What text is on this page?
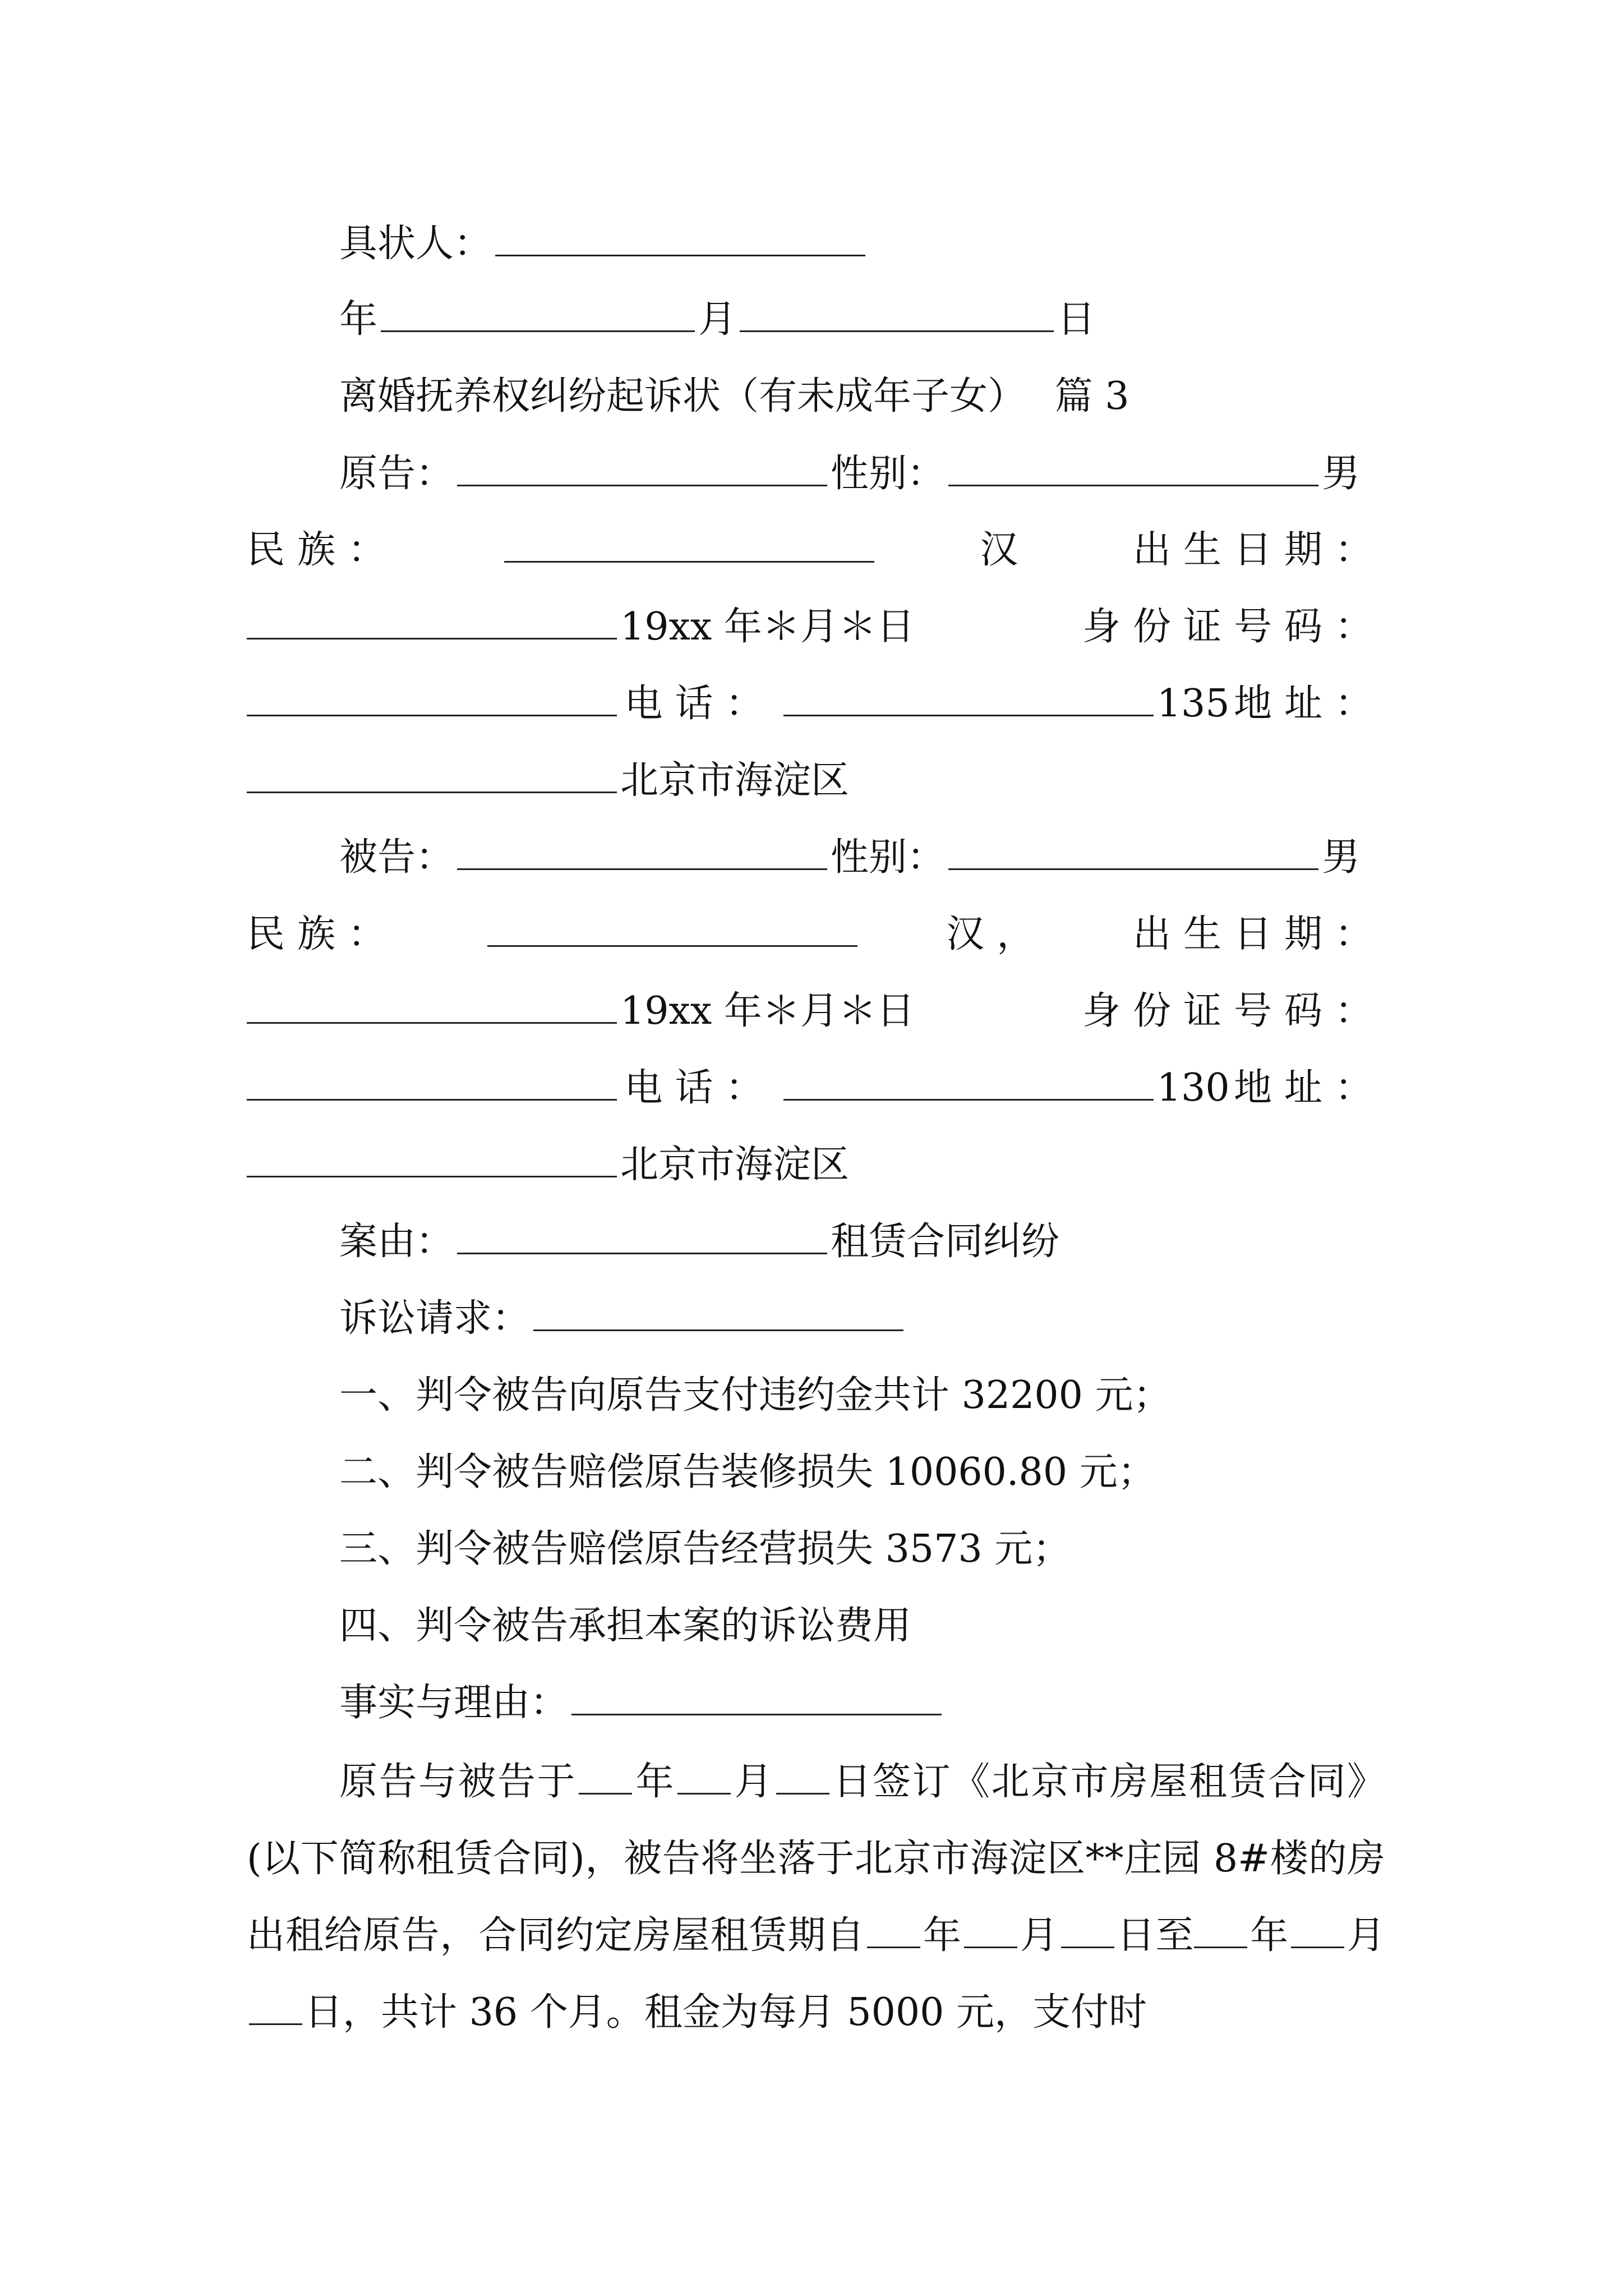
具状人：
年	月	日
离婚抚养权纠纷起诉状（有未成年子女） 篇 3
原告：	性别：	男
民族：	汉	出生日期：
19xx 年＊月＊日	身份证号码：
电话：	135 地址：
北京市海淀区
被告：	性别：	男
民族：	汉， 出生日期：
19xx 年＊月＊日	身份证号码：
电话：	130 地址：
北京市海淀区
案由：	租赁合同纠纷
诉讼请求：
一、判令被告向原告支付违约金共计 32200 元；
二、判令被告赔偿原告装修损失 10060.80 元；
三、判令被告赔偿原告经营损失 3573 元；
四、判令被告承担本案的诉讼费用
事实与理由：
原告与被告于 年 月 日签订《北京市房屋租赁合同》(以下简称租赁合同)，被告将坐落于北京市海淀区**庄园 8#楼的房出租给原告，合同约定房屋租赁期自 年 月 日至 年 月日，共计 36 个月。租金为每月 5000 元，支付时
